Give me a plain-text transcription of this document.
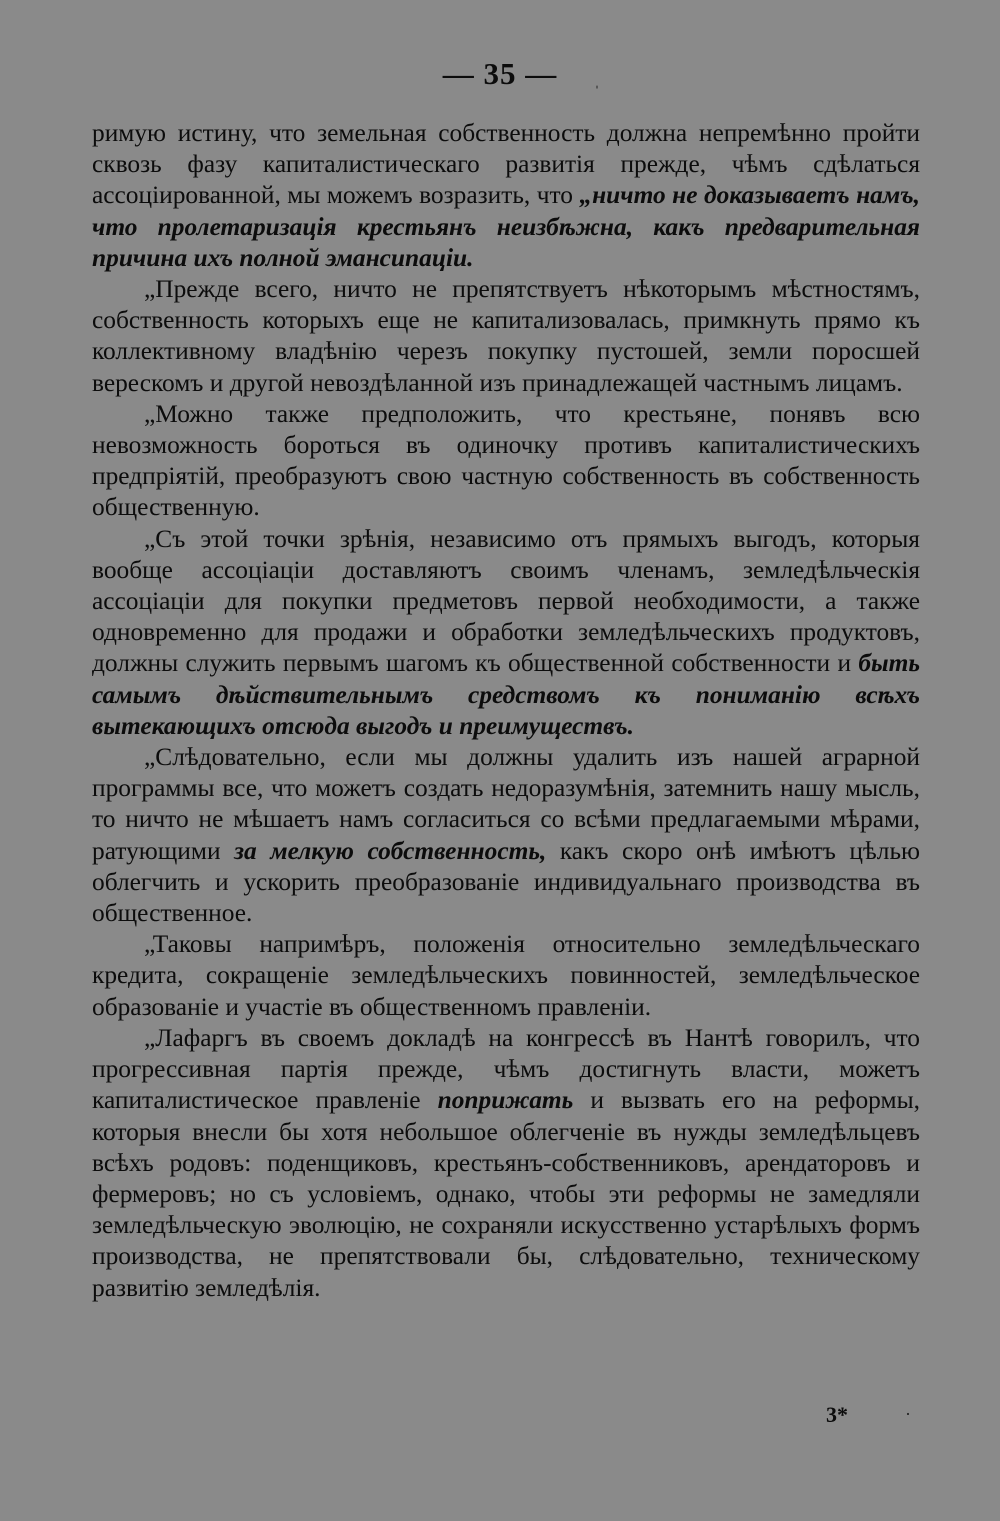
— 35 —

римую истину, что земельная собственность должна непремѣнно пройти сквозь фазу капиталистическаго развитія прежде, чѣмъ сдѣлаться ассоціированной, мы можемъ возразить, что „ничто не доказываетъ намъ, что пролетаризація крестьянъ неизбѣжна, какъ предварительная причина ихъ полной эмансипаціи.

„Прежде всего, ничто не препятствуетъ нѣкоторымъ мѣстностямъ, собственность которыхъ еще не капитализовалась, примкнуть прямо къ коллективному владѣнію черезъ покупку пустошей, земли поросшей верескомъ и другой невоздѣланной изъ принадлежащей частнымъ лицамъ.

„Можно также предположить, что крестьяне, понявъ всю невозможность бороться въ одиночку противъ капиталистическихъ предпріятій, преобразуютъ свою частную собственность въ собственность общественную.

„Съ этой точки зрѣнія, независимо отъ прямыхъ выгодъ, которыя вообще ассоціаціи доставляютъ своимъ членамъ, земледѣльческія ассоціаціи для покупки предметовъ первой необходимости, а также одновременно для продажи и обработки земледѣльческихъ продуктовъ, должны служить первымъ шагомъ къ общественной собственности и быть самымъ дѣйствительнымъ средствомъ къ пониманію всѣхъ вытекающихъ отсюда выгодъ и преимуществъ.

„Слѣдовательно, если мы должны удалить изъ нашей аграрной программы все, что можетъ создать недоразумѣнія, затемнить нашу мысль, то ничто не мѣшаетъ намъ согласиться со всѣми предлагаемыми мѣрами, ратующими за мелкую собственность, какъ скоро онѣ имѣютъ цѣлью облегчить и ускорить преобразованіе индивидуальнаго производства въ общественное.

„Таковы напримѣръ, положенія относительно земледѣльческаго кредита, сокращеніе земледѣльческихъ повинностей, земледѣльческое образованіе и участіе въ общественномъ правленіи.

„Лафаргъ въ своемъ докладѣ на конгрессѣ въ Нантѣ говорилъ, что прогрессивная партія прежде, чѣмъ достигнуть власти, можетъ капиталистическое правленіе поприжать и вызвать его на реформы, которыя внесли бы хотя небольшое облегченіе въ нужды земледѣльцевъ всѣхъ родовъ: поденщиковъ, крестьянъ-собственниковъ, арендаторовъ и фермеровъ; но съ условіемъ, однако, чтобы эти реформы не замедляли земледѣльческую эволюцію, не сохраняли искусственно устарѣлыхъ формъ производства, не препятствовали бы, слѣдовательно, техническому развитію земледѣлія.

3*
ˈ
·
